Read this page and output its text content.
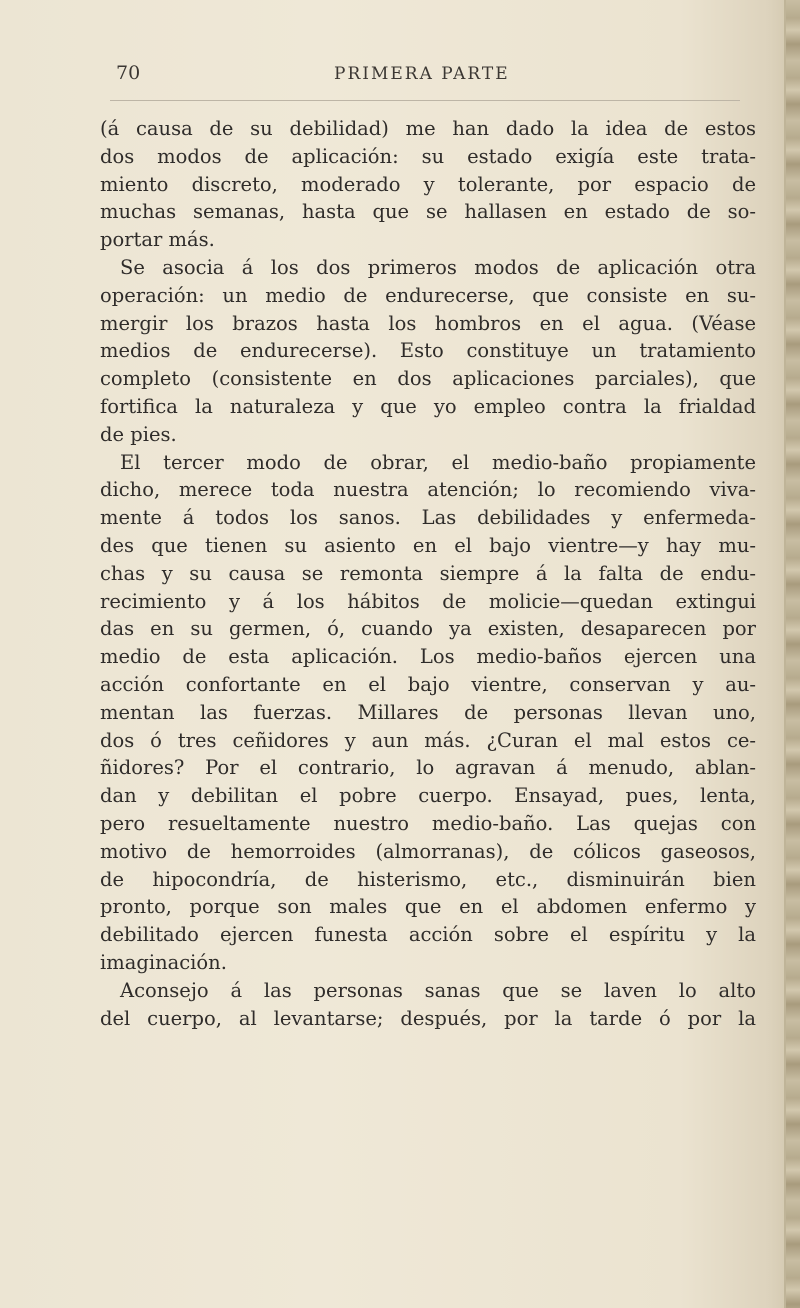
70	PRIMERA PARTE
(á causa de su debilidad) me han dado la idea de estos
dos modos de aplicación: su estado exigía este trata-
miento discreto, moderado y tolerante, por espacio de
muchas semanas, hasta que se hallasen en estado de so-
portar más.
Se asocia á los dos primeros modos de aplicación otra
operación: un medio de endurecerse, que consiste en su-
mergir los brazos hasta los hombros en el agua. (Véase
medios de endurecerse). Esto constituye un tratamiento
completo (consistente en dos aplicaciones parciales), que
fortifica la naturaleza y que yo empleo contra la frialdad
de pies.
El tercer modo de obrar, el medio-baño propiamente
dicho, merece toda nuestra atención; lo recomiendo viva-
mente á todos los sanos. Las debilidades y enfermeda-
des que tienen su asiento en el bajo vientre—y hay mu-
chas y su causa se remonta siempre á la falta de endu-
recimiento y á los hábitos de molicie—quedan extingui
das en su germen, ó, cuando ya existen, desaparecen por
medio de esta aplicación. Los medio-baños ejercen una
acción confortante en el bajo vientre, conservan y au-
mentan las fuerzas. Millares de personas llevan uno,
dos ó tres ceñidores y aun más. ¿Curan el mal estos ce-
ñidores? Por el contrario, lo agravan á menudo, ablan-
dan y debilitan el pobre cuerpo. Ensayad, pues, lenta,
pero resueltamente nuestro medio-baño. Las quejas con
motivo de hemorroides (almorranas), de cólicos gaseosos,
de hipocondría, de histerismo, etc., disminuirán bien
pronto, porque son males que en el abdomen enfermo y
debilitado ejercen funesta acción sobre el espíritu y la
imaginación.
Aconsejo á las personas sanas que se laven lo alto
del cuerpo, al levantarse; después, por la tarde ó por la
